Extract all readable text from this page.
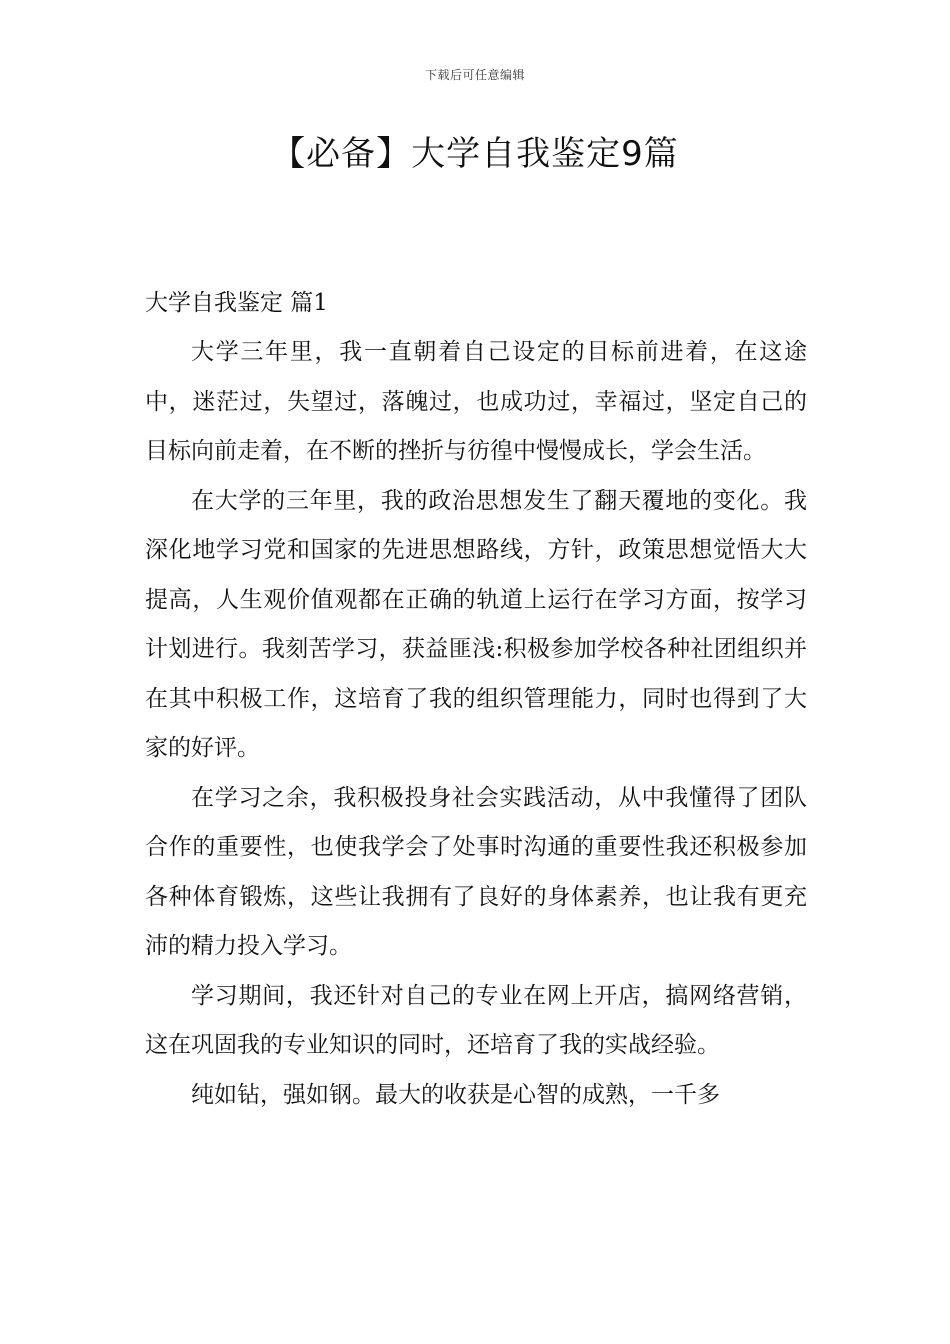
下载后可任意编辑
【必备】大学自我鉴定9篇
大学自我鉴定 篇1

大学三年里，我一直朝着自己设定的目标前进着，在这途中，迷茫过，失望过，落魄过，也成功过，幸福过，坚定自己的目标向前走着，在不断的挫折与彷徨中慢慢成长，学会生活。

在大学的三年里，我的政治思想发生了翻天覆地的变化。我深化地学习党和国家的先进思想路线，方针，政策思想觉悟大大提高，人生观价值观都在正确的轨道上运行在学习方面，按学习计划进行。我刻苦学习，获益匪浅:积极参加学校各种社团组织并在其中积极工作，这培育了我的组织管理能力，同时也得到了大家的好评。

在学习之余，我积极投身社会实践活动，从中我懂得了团队合作的重要性，也使我学会了处事时沟通的重要性我还积极参加各种体育锻炼，这些让我拥有了良好的身体素养，也让我有更充沛的精力投入学习。

学习期间，我还针对自己的专业在网上开店，搞网络营销，这在巩固我的专业知识的同时，还培育了我的实战经验。

纯如钻，强如钢。最大的收获是心智的成熟，一千多
